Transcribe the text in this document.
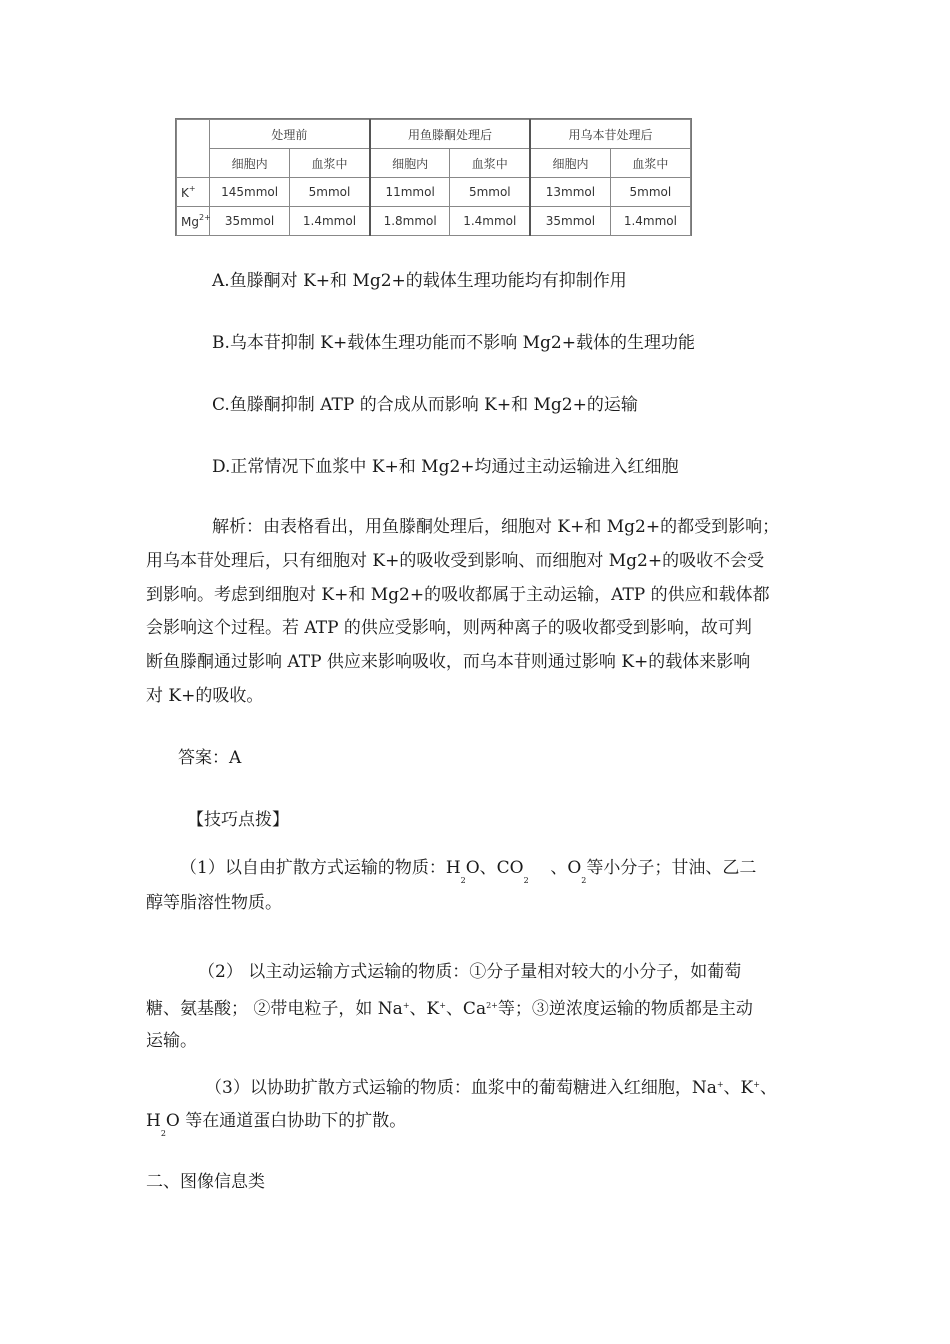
	处理前		用鱼滕酮处理后		用乌本苷处理后	
	细胞内	血浆中	细胞内	血浆中	细胞内	血浆中
K+	145mmol	5mmol	11mmol	5mmol	13mmol	5mmol
$Mg^{2+}$	35mmol	1.4mmol	1.8mmol	1.4mmol	35mmol	1.4mmol
A.鱼滕酮对 K+和 Mg2+的载体生理功能均有抑制作用
B.乌本苷抑制 K+载体生理功能而不影响 Mg2+载体的生理功能
C.鱼滕酮抑制 ATP 的合成从而影响 K+和 Mg2+的运输
D.正常情况下血浆中 K+和 Mg2+均通过主动运输进入红细胞
解析：由表格看出，用鱼滕酮处理后，细胞对 K+和 Mg2+的都受到影响；
用乌本苷处理后，只有细胞对 K+的吸收受到影响、而细胞对 Mg2+的吸收不会受
到影响。考虑到细胞对 K+和 Mg2+的吸收都属于主动运输，ATP 的供应和载体都
会影响这个过程。若 ATP 的供应受影响，则两种离子的吸收都受到影响，故可判
断鱼滕酮通过影响 ATP 供应来影响吸收，而乌本苷则通过影响 K+的载体来影响
对 K+的吸收。
答案：A
【技巧点拨】
（1）以自由扩散方式运输的物质：$H_2O$、$CO_2$    、$O_2$等小分子；甘油、乙二
醇等脂溶性物质。
（2） 以主动运输方式运输的物质：①分子量相对较大的小分子，如葡萄
糖、氨基酸； ②带电粒子，如 Na+、K+、$Ca^{2+}$等；③逆浓度运输的物质都是主动
运输。
（3）以协助扩散方式运输的物质：血浆中的葡萄糖进入红细胞，Na+、K+、
$H_2O$ 等在通道蛋白协助下的扩散。
二、图像信息类
